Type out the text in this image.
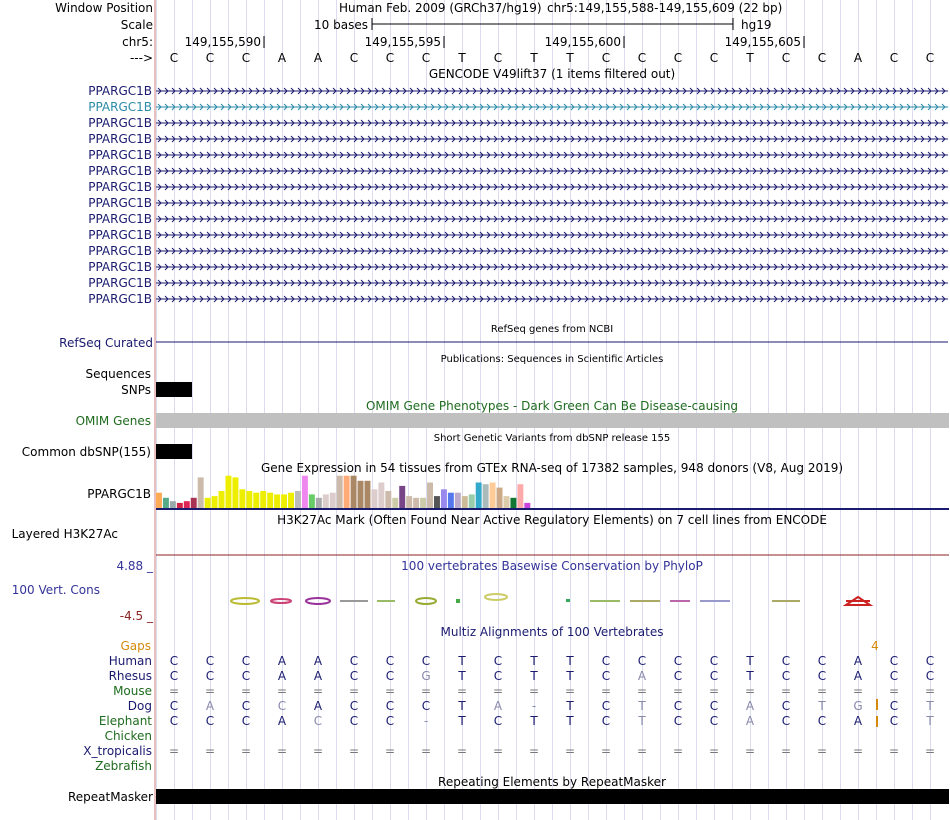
Window Position
Scale
chr5:
--->
Human Feb. 2009 (GRCh37/hg19) chr5:149,155,588-149,155,609 (22 bp)
10 bases	hg19
149,155,590	149,155,595	149,155,600	149,155,605
C C C A A C C C T C T T C C C C T C C A C C
GENCODE V49lift37 (1 items filtered out)
PPARGC1B
PPARGC1B
PPARGC1B
PPARGC1B
PPARGC1B
PPARGC1B
PPARGC1B
PPARGC1B
PPARGC1B
PPARGC1B
PPARGC1B
PPARGC1B
PPARGC1B
PPARGC1B
RefSeq genes from NCBI
RefSeq Curated
Publications: Sequences in Scientific Articles
Sequences
SNPs
OMIM Gene Phenotypes - Dark Green Can Be Disease-causing
OMIM Genes
Short Genetic Variants from dbSNP release 155
Common dbSNP(155)
Gene Expression in 54 tissues from GTEx RNA-seq of 17382 samples, 948 donors (V8, Aug 2019)
PPARGC1B
H3K27Ac Mark (Often Found Near Active Regulatory Elements) on 7 cell lines from ENCODE
Layered H3K27Ac
100 vertebrates Basewise Conservation by PhyloP
4.88 _
100 Vert. Cons
-4.5 _
Multiz Alignments of 100 Vertebrates
Gaps	4
Human C C C A A C C C T C T T C C C C T C C A C C
Rhesus C C C A A C C G T C T T C A C C T C C A C C
Mouse = = = = = = = = = = = = = = = = = = = = = =
Dog C A C C A C C C T A -	T C T C C A C T G C T
Elephant C C C A C C C -	T C T T C T C C A C C A C T
Chicken
X_tropicalis = = = = = = = = = = = = = = = = = = = = = =
Zebrafish
Repeating Elements by RepeatMasker
RepeatMasker
